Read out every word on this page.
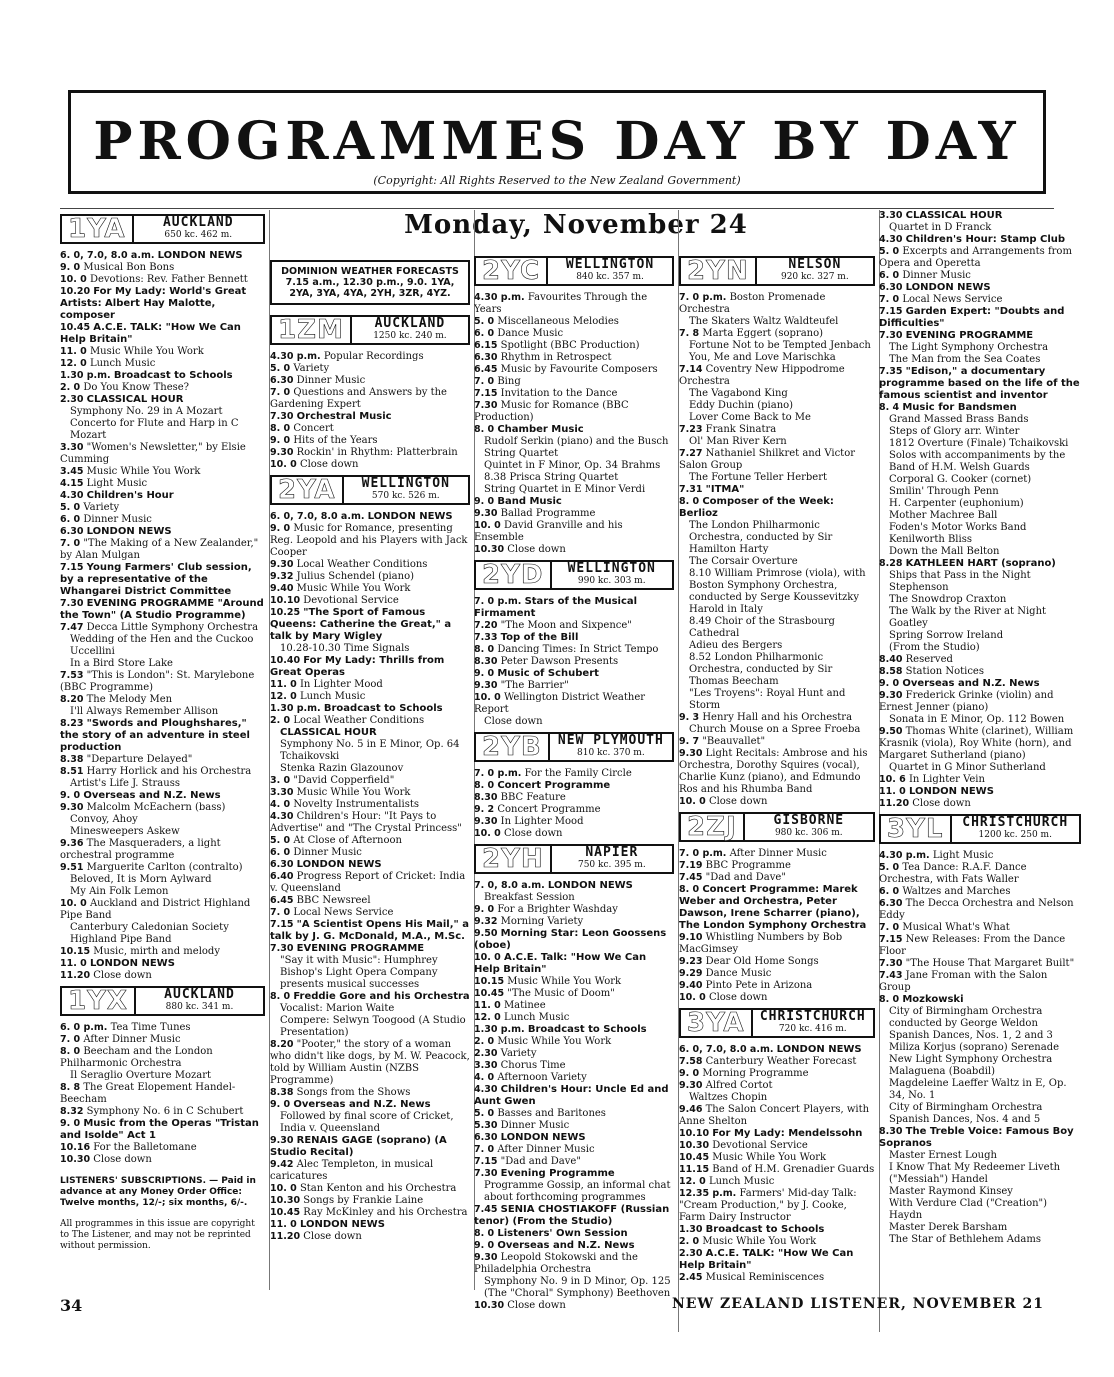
PROGRAMMES DAY BY DAY
(Copyright: All Rights Reserved to the New Zealand Government)
Monday, November 24
1YA	AUCKLAND
650 kc. 462 m.

6. 0, 7.0, 8.0 a.m. LONDON NEWS

9. 0 Musical Bon Bons

10. 0 Devotions: Rev. Father Bennett

10.20 For My Lady: World's Great Artists: Albert Hay Malotte, composer

10.45 A.C.E. TALK: "How We Can Help Britain"

11. 0 Music While You Work

12. 0 Lunch Music

1.30 p.m. Broadcast to Schools

2. 0 Do You Know These?

2.30 CLASSICAL HOUR

Symphony No. 29 in A Mozart

Concerto for Flute and Harp in C Mozart

3.30 "Women's Newsletter," by Elsie Cumming

3.45 Music While You Work

4.15 Light Music

4.30 Children's Hour

5. 0 Variety

6. 0 Dinner Music

6.30 LONDON NEWS

7. 0 "The Making of a New Zealander," by Alan Mulgan

7.15 Young Farmers' Club session, by a representative of the Whangarei District Committee

7.30 EVENING PROGRAMME "Around the Town" (A Studio Programme)

7.47 Decca Little Symphony Orchestra

Wedding of the Hen and the Cuckoo Uccellini

In a Bird Store Lake

7.53 "This is London": St. Marylebone (BBC Programme)

8.20 The Melody Men

I'll Always Remember Allison

8.23 "Swords and Ploughshares," the story of an adventure in steel production

8.38 "Departure Delayed"

8.51 Harry Horlick and his Orchestra

Artist's Life J. Strauss

9. 0 Overseas and N.Z. News

9.30 Malcolm McEachern (bass)

Convoy, Ahoy

Minesweepers Askew

9.36 The Masqueraders, a light orchestral programme

9.51 Marguerite Carlton (contralto)

Beloved, It is Morn Aylward

My Ain Folk Lemon

10. 0 Auckland and District Highland Pipe Band

Canterbury Caledonian Society Highland Pipe Band

10.15 Music, mirth and melody

11. 0 LONDON NEWS

11.20 Close down

1YX	AUCKLAND
880 kc. 341 m.

6. 0 p.m. Tea Time Tunes

7. 0 After Dinner Music

8. 0 Beecham and the London Philharmonic Orchestra

Il Seraglio Overture Mozart

8. 8 The Great Elopement Handel-Beecham

8.32 Symphony No. 6 in C Schubert

9. 0 Music from the Operas "Tristan and Isolde" Act 1

10.16 For the Balletomane

10.30 Close down

LISTENERS' SUBSCRIPTIONS. — Paid in advance at any Money Order Office: Twelve months, 12/-; six months, 6/-.
All programmes in this issue are copyright to The Listener, and may not be reprinted without permission.
DOMINION WEATHER FORECASTS
7.15 a.m., 12.30 p.m., 9.0. 1YA, 2YA, 3YA, 4YA, 2YH, 3ZR, 4YZ.
1ZM	AUCKLAND
1250 kc. 240 m.

4.30 p.m. Popular Recordings

5. 0 Variety

6.30 Dinner Music

7. 0 Questions and Answers by the Gardening Expert

7.30 Orchestral Music

8. 0 Concert

9. 0 Hits of the Years

9.30 Rockin' in Rhythm: Platterbrain

10. 0 Close down

2YA	WELLINGTON
570 kc. 526 m.

6. 0, 7.0, 8.0 a.m. LONDON NEWS

9. 0 Music for Romance, presenting Reg. Leopold and his Players with Jack Cooper

9.30 Local Weather Conditions

9.32 Julius Schendel (piano)

9.40 Music While You Work

10.10 Devotional Service

10.25 "The Sport of Famous Queens: Catherine the Great," a talk by Mary Wigley

10.28-10.30 Time Signals

10.40 For My Lady: Thrills from Great Operas

11. 0 In Lighter Mood

12. 0 Lunch Music

1.30 p.m. Broadcast to Schools

2. 0 Local Weather Conditions

CLASSICAL HOUR

Symphony No. 5 in E Minor, Op. 64 Tchaikovski

Stenka Razin Glazounov

3. 0 "David Copperfield"

3.30 Music While You Work

4. 0 Novelty Instrumentalists

4.30 Children's Hour: "It Pays to Advertise" and "The Crystal Princess"

5. 0 At Close of Afternoon

6. 0 Dinner Music

6.30 LONDON NEWS

6.40 Progress Report of Cricket: India v. Queensland

6.45 BBC Newsreel

7. 0 Local News Service

7.15 "A Scientist Opens His Mail," a talk by J. G. McDonald, M.A., M.Sc.

7.30 EVENING PROGRAMME

"Say it with Music": Humphrey Bishop's Light Opera Company presents musical successes

8. 0 Freddie Gore and his Orchestra

Vocalist: Marion Waite

Compere: Selwyn Toogood (A Studio Presentation)

8.20 "Pooter," the story of a woman who didn't like dogs, by M. W. Peacock, told by William Austin (NZBS Programme)

8.38 Songs from the Shows

9. 0 Overseas and N.Z. News

Followed by final score of Cricket, India v. Queensland

9.30 RENAIS GAGE (soprano) (A Studio Recital)

9.42 Alec Templeton, in musical caricatures

10. 0 Stan Kenton and his Orchestra

10.30 Songs by Frankie Laine

10.45 Ray McKinley and his Orchestra

11. 0 LONDON NEWS

11.20 Close down

2YC	WELLINGTON
840 kc. 357 m.

4.30 p.m. Favourites Through the Years

5. 0 Miscellaneous Melodies

6. 0 Dance Music

6.15 Spotlight (BBC Production)

6.30 Rhythm in Retrospect

6.45 Music by Favourite Composers

7. 0 Bing

7.15 Invitation to the Dance

7.30 Music for Romance (BBC Production)

8. 0 Chamber Music

Rudolf Serkin (piano) and the Busch String Quartet

Quintet in F Minor, Op. 34 Brahms

8.38 Prisca String Quartet

String Quartet in E Minor Verdi

9. 0 Band Music

9.30 Ballad Programme

10. 0 David Granville and his Ensemble

10.30 Close down

2YD	WELLINGTON
990 kc. 303 m.

7. 0 p.m. Stars of the Musical Firmament

7.20 "The Moon and Sixpence"

7.33 Top of the Bill

8. 0 Dancing Times: In Strict Tempo

8.30 Peter Dawson Presents

9. 0 Music of Schubert

9.30 "The Barrier"

10. 0 Wellington District Weather Report

Close down

2YB	NEW PLYMOUTH
810 kc. 370 m.

7. 0 p.m. For the Family Circle

8. 0 Concert Programme

8.30 BBC Feature

9. 2 Concert Programme

9.30 In Lighter Mood

10. 0 Close down

2YH	NAPIER
750 kc. 395 m.

7. 0, 8.0 a.m. LONDON NEWS

Breakfast Session

9. 0 For a Brighter Washday

9.32 Morning Variety

9.50 Morning Star: Leon Goossens (oboe)

10. 0 A.C.E. Talk: "How We Can Help Britain"

10.15 Music While You Work

10.45 "The Music of Doom"

11. 0 Matinee

12. 0 Lunch Music

1.30 p.m. Broadcast to Schools

2. 0 Music While You Work

2.30 Variety

3.30 Chorus Time

4. 0 Afternoon Variety

4.30 Children's Hour: Uncle Ed and Aunt Gwen

5. 0 Basses and Baritones

5.30 Dinner Music

6.30 LONDON NEWS

7. 0 After Dinner Music

7.15 "Dad and Dave"

7.30 Evening Programme

Programme Gossip, an informal chat about forthcoming programmes

7.45 SENIA CHOSTIAKOFF (Russian tenor) (From the Studio)

8. 0 Listeners' Own Session

9. 0 Overseas and N.Z. News

9.30 Leopold Stokowski and the Philadelphia Orchestra

Symphony No. 9 in D Minor, Op. 125 (The "Choral" Symphony) Beethoven

10.30 Close down

2YN	NELSON
920 kc. 327 m.

7. 0 p.m. Boston Promenade Orchestra

The Skaters Waltz Waldteufel

7. 8 Marta Eggert (soprano)

Fortune Not to be Tempted Jenbach

You, Me and Love Marischka

7.14 Coventry New Hippodrome Orchestra

The Vagabond King

Eddy Duchin (piano)

Lover Come Back to Me

7.23 Frank Sinatra

Ol' Man River Kern

7.27 Nathaniel Shilkret and Victor Salon Group

The Fortune Teller Herbert

7.31 "ITMA"

8. 0 Composer of the Week: Berlioz

The London Philharmonic Orchestra, conducted by Sir Hamilton Harty

The Corsair Overture

8.10 William Primrose (viola), with Boston Symphony Orchestra, conducted by Serge Koussevitzky

Harold in Italy

8.49 Choir of the Strasbourg Cathedral

Adieu des Bergers

8.52 London Philharmonic Orchestra, conducted by Sir Thomas Beecham

"Les Troyens": Royal Hunt and Storm

9. 3 Henry Hall and his Orchestra

Church Mouse on a Spree Froeba

9. 7 "Beauvallet"

9.30 Light Recitals: Ambrose and his Orchestra, Dorothy Squires (vocal), Charlie Kunz (piano), and Edmundo Ros and his Rhumba Band

10. 0 Close down

2ZJ	GISBORNE
980 kc. 306 m.

7. 0 p.m. After Dinner Music

7.19 BBC Programme

7.45 "Dad and Dave"

8. 0 Concert Programme: Marek Weber and Orchestra, Peter Dawson, Irene Scharrer (piano), The London Symphony Orchestra

9.10 Whistling Numbers by Bob MacGimsey

9.23 Dear Old Home Songs

9.29 Dance Music

9.40 Pinto Pete in Arizona

10. 0 Close down

3YA	CHRISTCHURCH
720 kc. 416 m.

6. 0, 7.0, 8.0 a.m. LONDON NEWS

7.58 Canterbury Weather Forecast

9. 0 Morning Programme

9.30 Alfred Cortot

Waltzes Chopin

9.46 The Salon Concert Players, with Anne Shelton

10.10 For My Lady: Mendelssohn

10.30 Devotional Service

10.45 Music While You Work

11.15 Band of H.M. Grenadier Guards

12. 0 Lunch Music

12.35 p.m. Farmers' Mid-day Talk: "Cream Production," by J. Cooke, Farm Dairy Instructor

1.30 Broadcast to Schools

2. 0 Music While You Work

2.30 A.C.E. TALK: "How We Can Help Britain"

2.45 Musical Reminiscences

3.30 CLASSICAL HOUR

Quartet in D Franck

4.30 Children's Hour: Stamp Club

5. 0 Excerpts and Arrangements from Opera and Operetta

6. 0 Dinner Music

6.30 LONDON NEWS

7. 0 Local News Service

7.15 Garden Expert: "Doubts and Difficulties"

7.30 EVENING PROGRAMME

The Light Symphony Orchestra

The Man from the Sea Coates

7.35 "Edison," a documentary programme based on the life of the famous scientist and inventor

8. 4 Music for Bandsmen

Grand Massed Brass Bands

Steps of Glory arr. Winter

1812 Overture (Finale) Tchaikovski

Solos with accompaniments by the Band of H.M. Welsh Guards

Corporal G. Cooker (cornet)

Smilin' Through Penn

H. Carpenter (euphonium)

Mother Machree Ball

Foden's Motor Works Band

Kenilworth Bliss

Down the Mall Belton

8.28 KATHLEEN HART (soprano)

Ships that Pass in the Night Stephenson

The Snowdrop Craxton

The Walk by the River at Night Goatley

Spring Sorrow Ireland

(From the Studio)

8.40 Reserved

8.58 Station Notices

9. 0 Overseas and N.Z. News

9.30 Frederick Grinke (violin) and Ernest Jenner (piano)

Sonata in E Minor, Op. 112 Bowen

9.50 Thomas White (clarinet), William Krasnik (viola), Roy White (horn), and Margaret Sutherland (piano)

Quartet in G Minor Sutherland

10. 6 In Lighter Vein

11. 0 LONDON NEWS

11.20 Close down

3YL	CHRISTCHURCH
1200 kc. 250 m.

4.30 p.m. Light Music

5. 0 Tea Dance: R.A.F. Dance Orchestra, with Fats Waller

6. 0 Waltzes and Marches

6.30 The Decca Orchestra and Nelson Eddy

7. 0 Musical What's What

7.15 New Releases: From the Dance Floor

7.30 "The House That Margaret Built"

7.43 Jane Froman with the Salon Group

8. 0 Mozkowski

City of Birmingham Orchestra conducted by George Weldon

Spanish Dances, Nos. 1, 2 and 3

Miliza Korjus (soprano) Serenade

New Light Symphony Orchestra Malaguena (Boabdil)

Magdeleine Laeffer Waltz in E, Op. 34, No. 1

City of Birmingham Orchestra Spanish Dances, Nos. 4 and 5

8.30 The Treble Voice: Famous Boy Sopranos

Master Ernest Lough

I Know That My Redeemer Liveth ("Messiah") Handel

Master Raymond Kinsey

With Verdure Clad ("Creation") Haydn

Master Derek Barsham

The Star of Bethlehem Adams

34	NEW ZEALAND LISTENER, NOVEMBER 21
